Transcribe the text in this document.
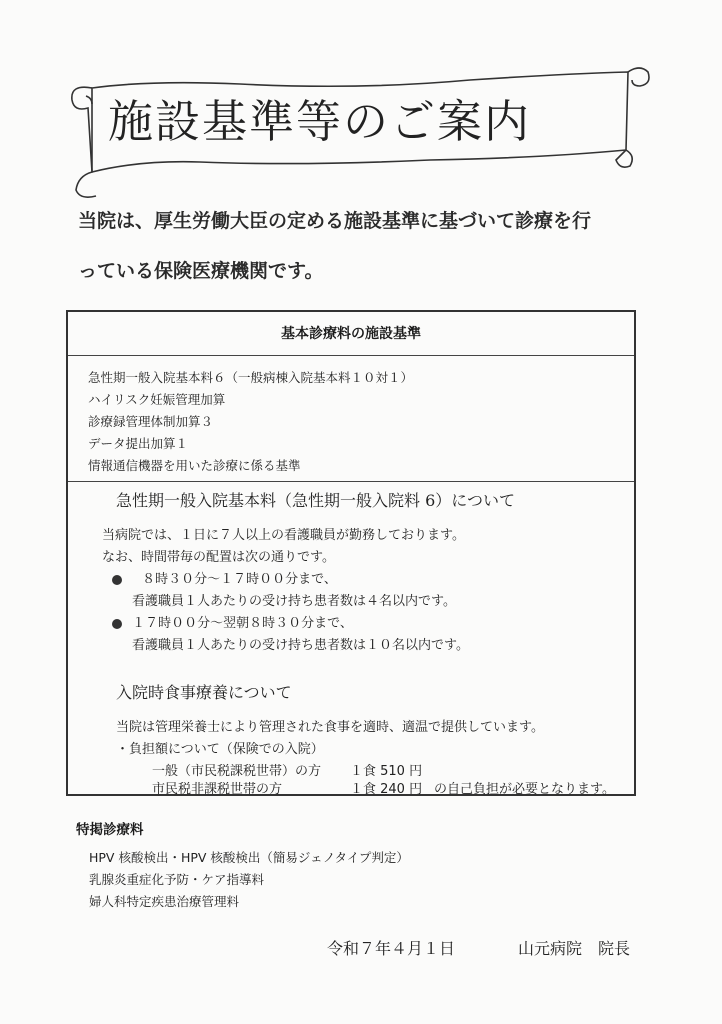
施設基準等のご案内
当院は、厚生労働大臣の定める施設基準に基づいて診療を行
っている保険医療機関です。
基本診療料の施設基準
急性期一般入院基本料６（一般病棟入院基本料１０対１）
ハイリスク妊娠管理加算
診療録管理体制加算３
データ提出加算１
情報通信機器を用いた診療に係る基準
急性期一般入院基本料（急性期一般入院料 6）について
当病院では、１日に７人以上の看護職員が勤務しております。
なお、時間帯毎の配置は次の通りです。
８時３０分～１７時００分まで、
看護職員１人あたりの受け持ち患者数は４名以内です。
１７時００分～翌朝８時３０分まで、
看護職員１人あたりの受け持ち患者数は１０名以内です。
入院時食事療養について
当院は管理栄養士により管理された食事を適時、適温で提供しています。
・負担額について（保険での入院）
一般（市民税課税世帯）の方 １食 510 円
市民税非課税世帯の方	１食 240 円 の自己負担が必要となります。
特掲診療料
HPV 核酸検出・HPV 核酸検出（簡易ジェノタイプ判定）
乳腺炎重症化予防・ケア指導料
婦人科特定疾患治療管理料
令和７年４月１日	山元病院　院長
